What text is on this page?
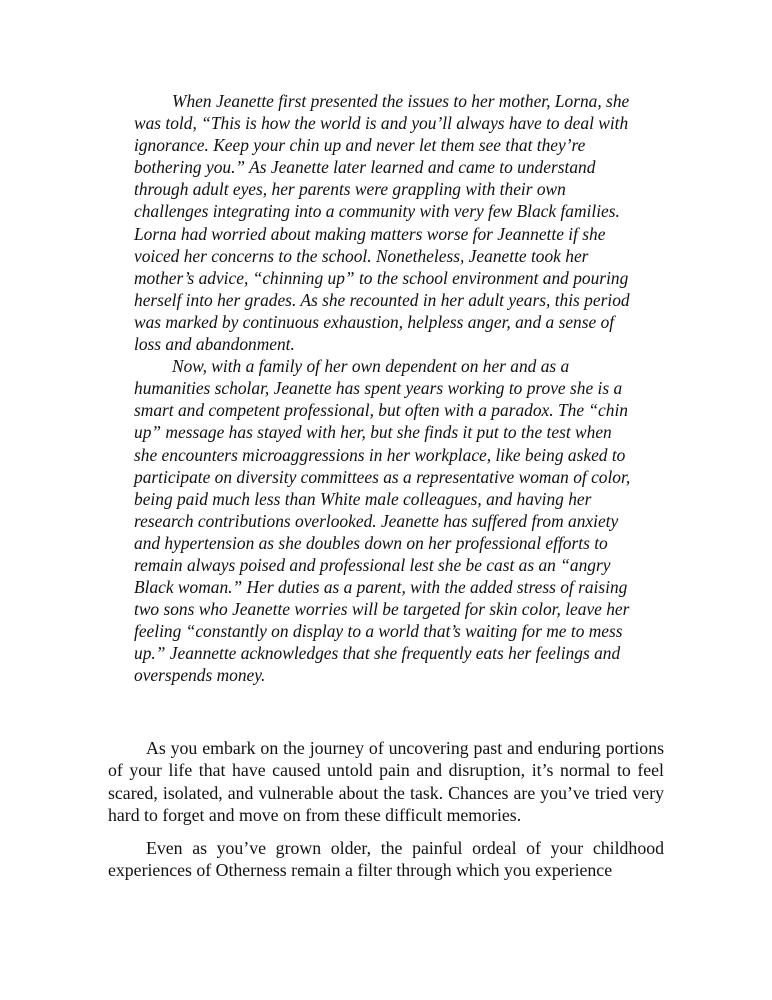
When Jeanette first presented the issues to her mother, Lorna, she was told, “This is how the world is and you’ll always have to deal with ignorance. Keep your chin up and never let them see that they’re bothering you.” As Jeanette later learned and came to understand through adult eyes, her parents were grappling with their own challenges integrating into a community with very few Black families. Lorna had worried about making matters worse for Jeannette if she voiced her concerns to the school. Nonetheless, Jeanette took her mother’s advice, “chinning up” to the school environment and pouring herself into her grades. As she recounted in her adult years, this period was marked by continuous exhaustion, helpless anger, and a sense of loss and abandonment.

Now, with a family of her own dependent on her and as a humanities scholar, Jeanette has spent years working to prove she is a smart and competent professional, but often with a paradox. The “chin up” message has stayed with her, but she finds it put to the test when she encounters microaggressions in her workplace, like being asked to participate on diversity committees as a representative woman of color, being paid much less than White male colleagues, and having her research contributions overlooked. Jeanette has suffered from anxiety and hypertension as she doubles down on her professional efforts to remain always poised and professional lest she be cast as an “angry Black woman.” Her duties as a parent, with the added stress of raising two sons who Jeanette worries will be targeted for skin color, leave her feeling “constantly on display to a world that’s waiting for me to mess up.” Jeannette acknowledges that she frequently eats her feelings and overspends money.

As you embark on the journey of uncovering past and enduring portions of your life that have caused untold pain and disruption, it’s normal to feel scared, isolated, and vulnerable about the task. Chances are you’ve tried very hard to forget and move on from these difficult memories.

Even as you’ve grown older, the painful ordeal of your childhood experiences of Otherness remain a filter through which you experience
